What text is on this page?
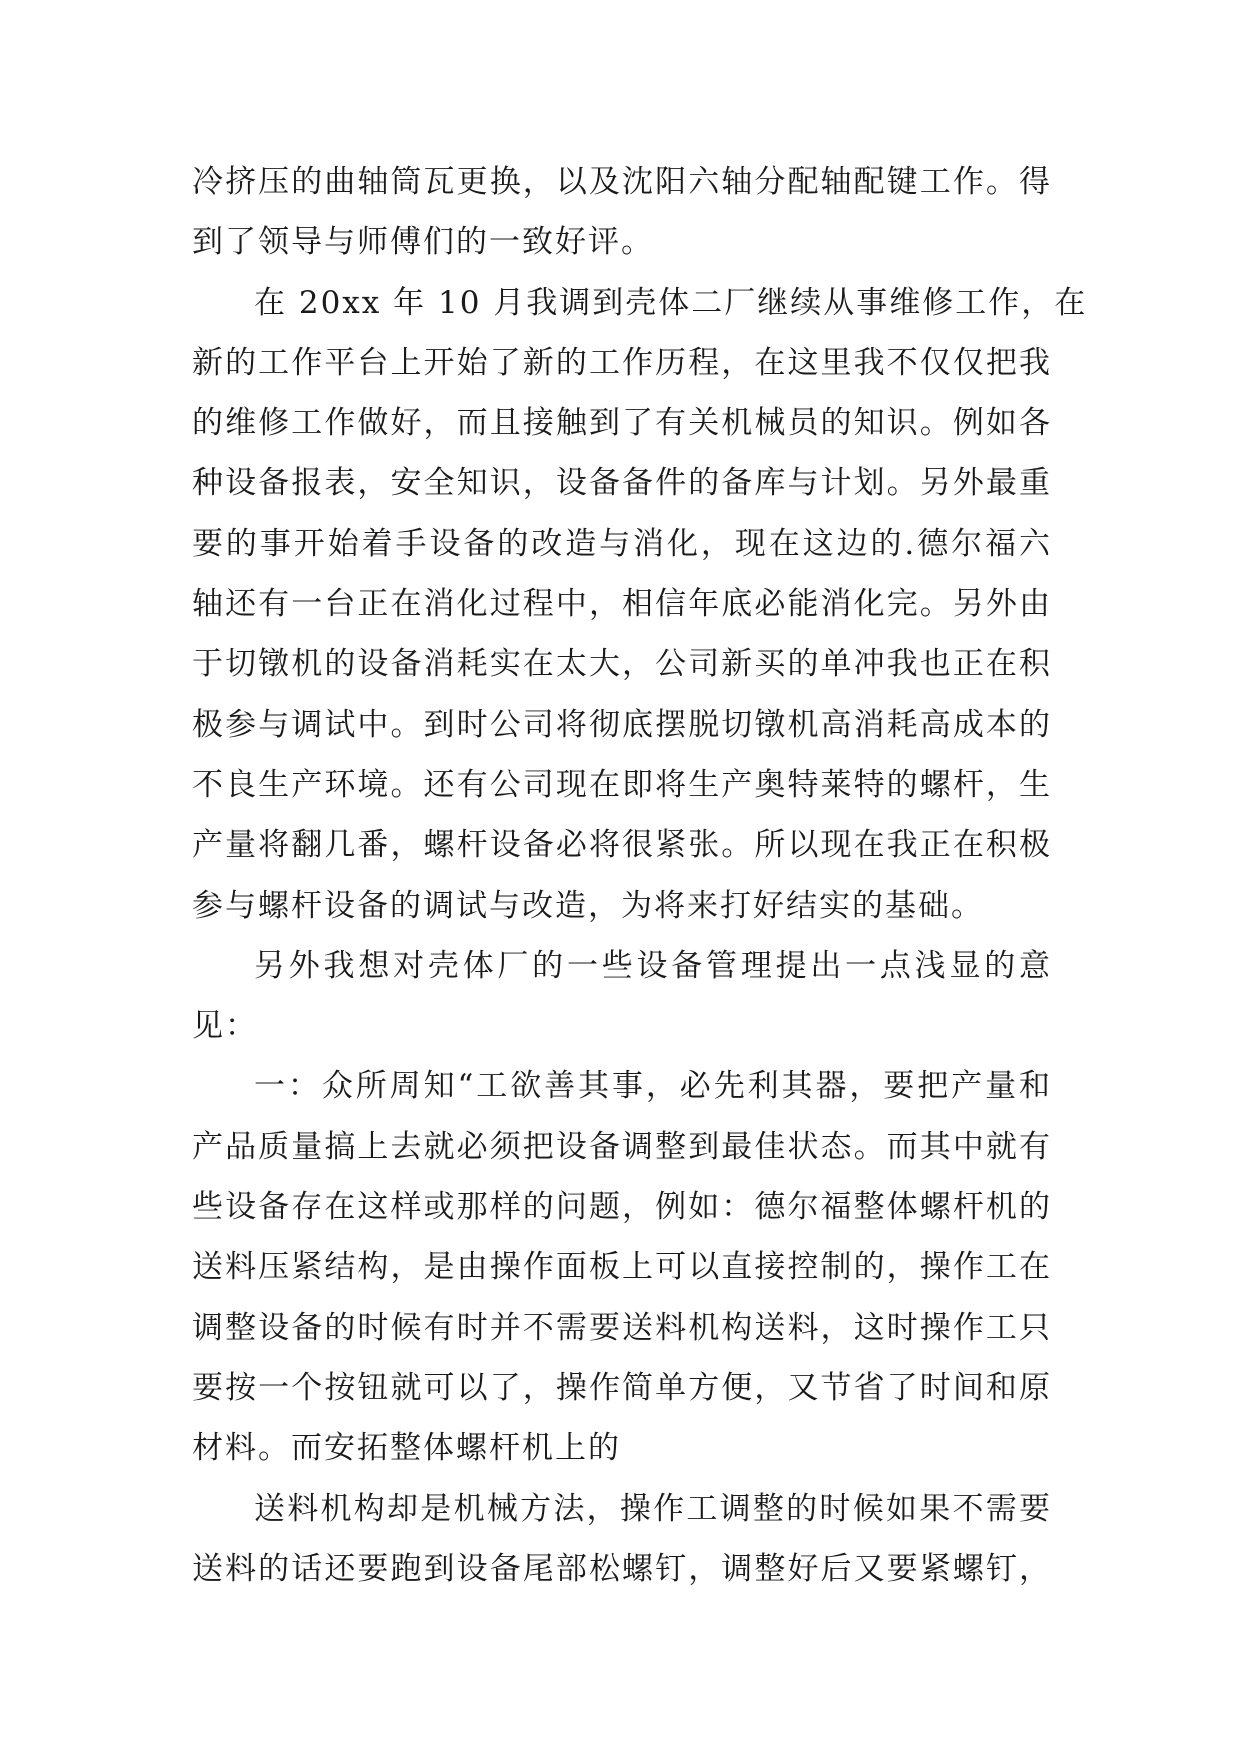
冷挤压的曲轴筒瓦更换，以及沈阳六轴分配轴配键工作。得
到了领导与师傅们的一致好评。
在 20xx 年 10 月我调到壳体二厂继续从事维修工作，在
新的工作平台上开始了新的工作历程，在这里我不仅仅把我
的维修工作做好，而且接触到了有关机械员的知识。例如各
种设备报表，安全知识，设备备件的备库与计划。另外最重
要的事开始着手设备的改造与消化，现在这边的.德尔福六
轴还有一台正在消化过程中，相信年底必能消化完。另外由
于切镦机的设备消耗实在太大，公司新买的单冲我也正在积
极参与调试中。到时公司将彻底摆脱切镦机高消耗高成本的
不良生产环境。还有公司现在即将生产奥特莱特的螺杆，生
产量将翻几番，螺杆设备必将很紧张。所以现在我正在积极
参与螺杆设备的调试与改造，为将来打好结实的基础。
另外我想对壳体厂的一些设备管理提出一点浅显的意
见：
一：众所周知“工欲善其事，必先利其器，要把产量和
产品质量搞上去就必须把设备调整到最佳状态。而其中就有
些设备存在这样或那样的问题，例如：德尔福整体螺杆机的
送料压紧结构，是由操作面板上可以直接控制的，操作工在
调整设备的时候有时并不需要送料机构送料，这时操作工只
要按一个按钮就可以了，操作简单方便，又节省了时间和原
材料。而安拓整体螺杆机上的
送料机构却是机械方法，操作工调整的时候如果不需要
送料的话还要跑到设备尾部松螺钉，调整好后又要紧螺钉，
